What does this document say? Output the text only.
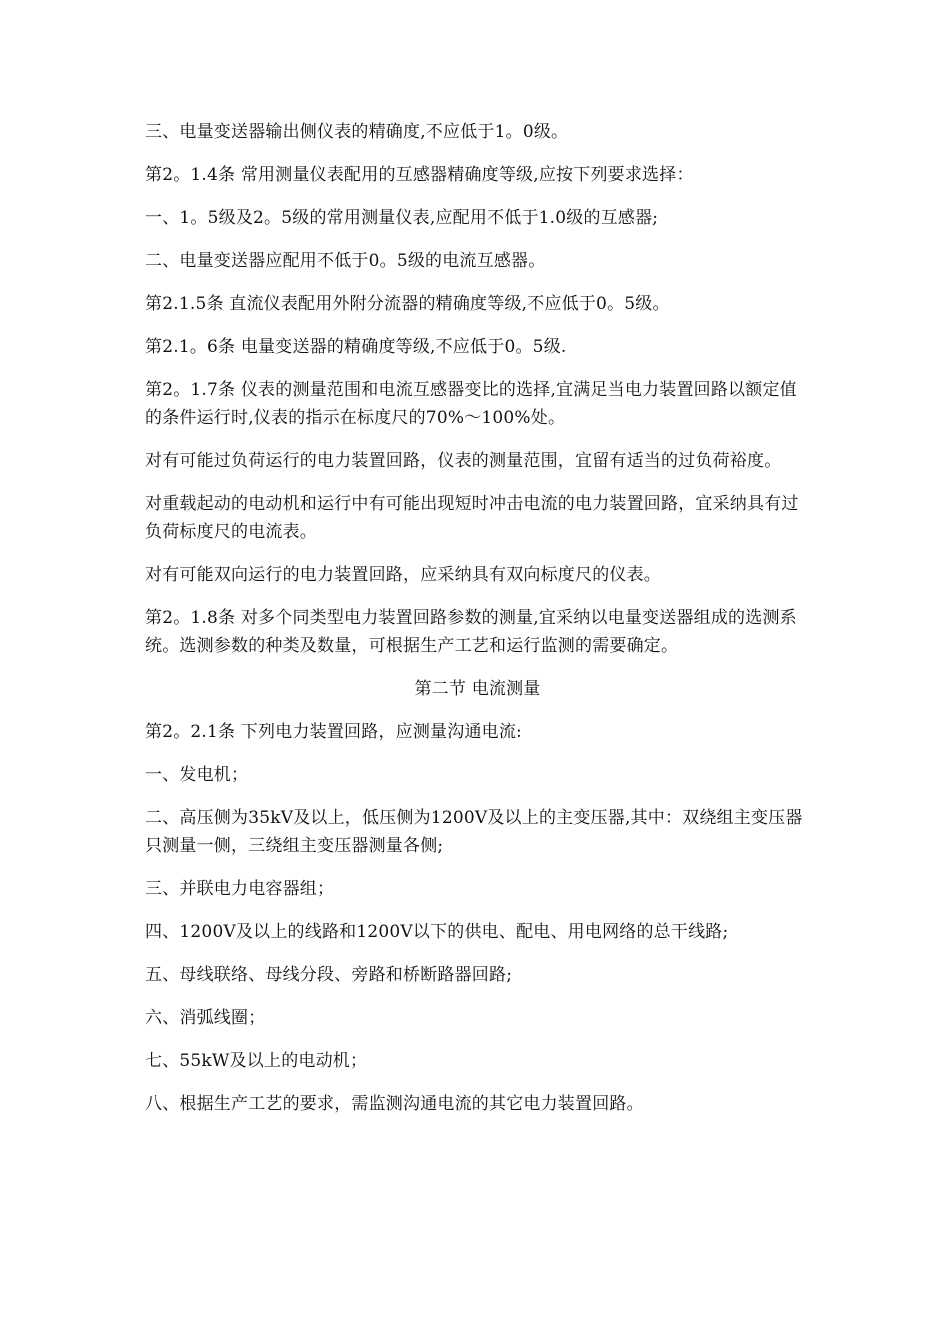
三、电量变送器输出侧仪表的精确度,不应低于1。0级。

第2。1.4条 常用测量仪表配用的互感器精确度等级,应按下列要求选择：

一、1。5级及2。5级的常用测量仪表,应配用不低于1.0级的互感器;

二、电量变送器应配用不低于0。5级的电流互感器。

第2.1.5条 直流仪表配用外附分流器的精确度等级,不应低于0。5级。

第2.1。6条 电量变送器的精确度等级,不应低于0。5级.

第2。1.7条 仪表的测量范围和电流互感器变比的选择,宜满足当电力装置回路以额定值的条件运行时,仪表的指示在标度尺的70%～100%处。

对有可能过负荷运行的电力装置回路，仪表的测量范围，宜留有适当的过负荷裕度。

对重载起动的电动机和运行中有可能出现短时冲击电流的电力装置回路，宜采纳具有过负荷标度尺的电流表。

对有可能双向运行的电力装置回路，应采纳具有双向标度尺的仪表。

第2。1.8条 对多个同类型电力装置回路参数的测量,宜采纳以电量变送器组成的选测系统。选测参数的种类及数量，可根据生产工艺和运行监测的需要确定。

第二节 电流测量

第2。2.1条 下列电力装置回路，应测量沟通电流:

一、发电机；

二、高压侧为35kV及以上，低压侧为1200V及以上的主变压器,其中：双绕组主变压器只测量一侧，三绕组主变压器测量各侧;

三、并联电力电容器组；

四、1200V及以上的线路和1200V以下的供电、配电、用电网络的总干线路;

五、母线联络、母线分段、旁路和桥断路器回路;

六、消弧线圈；

七、55kW及以上的电动机；

八、根据生产工艺的要求，需监测沟通电流的其它电力装置回路。
